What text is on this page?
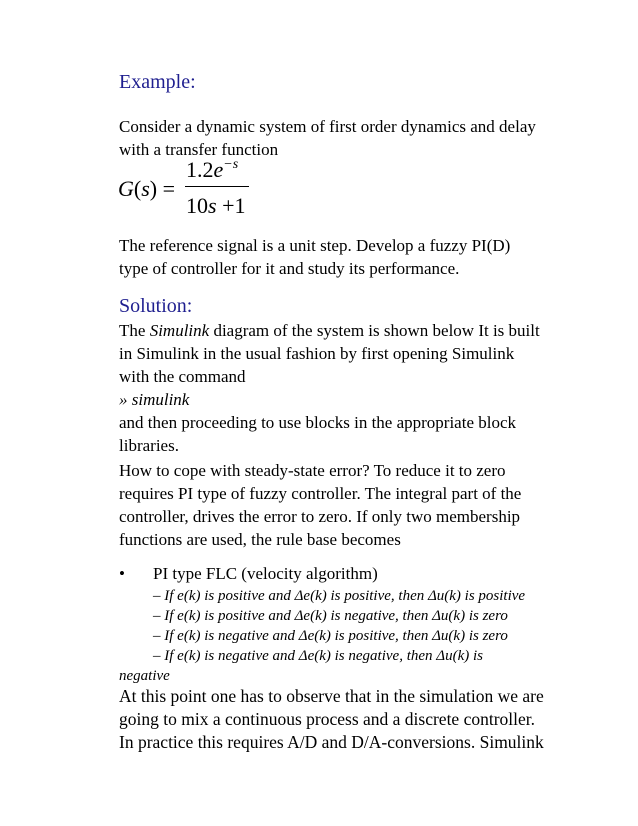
Example:
Consider a dynamic system of first order dynamics and delay
with a transfer function
G(s) =
$1.2e^{-s}$
10s +1
The reference signal is a unit step. Develop a fuzzy PI(D)
type of controller for it and study its performance.
Solution:
The Simulink diagram of the system is shown below It is built
in Simulink in the usual fashion by first opening Simulink
with the command
» simulink
and then proceeding to use blocks in the appropriate block
libraries.
How to cope with steady-state error? To reduce it to zero
requires PI type of fuzzy controller. The integral part of the
controller, drives the error to zero. If only two membership
functions are used, the rule base becomes
• PI type FLC (velocity algorithm)
– If e(k) is positive and Δe(k) is positive, then Δu(k) is positive
– If e(k) is positive and Δe(k) is negative, then Δu(k) is zero
– If e(k) is negative and Δe(k) is positive, then Δu(k) is zero
– If e(k) is negative and Δe(k) is negative, then Δu(k) is
negative
At this point one has to observe that in the simulation we are
going to mix a continuous process and a discrete controller.
In practice this requires A/D and D/A-conversions. Simulink
